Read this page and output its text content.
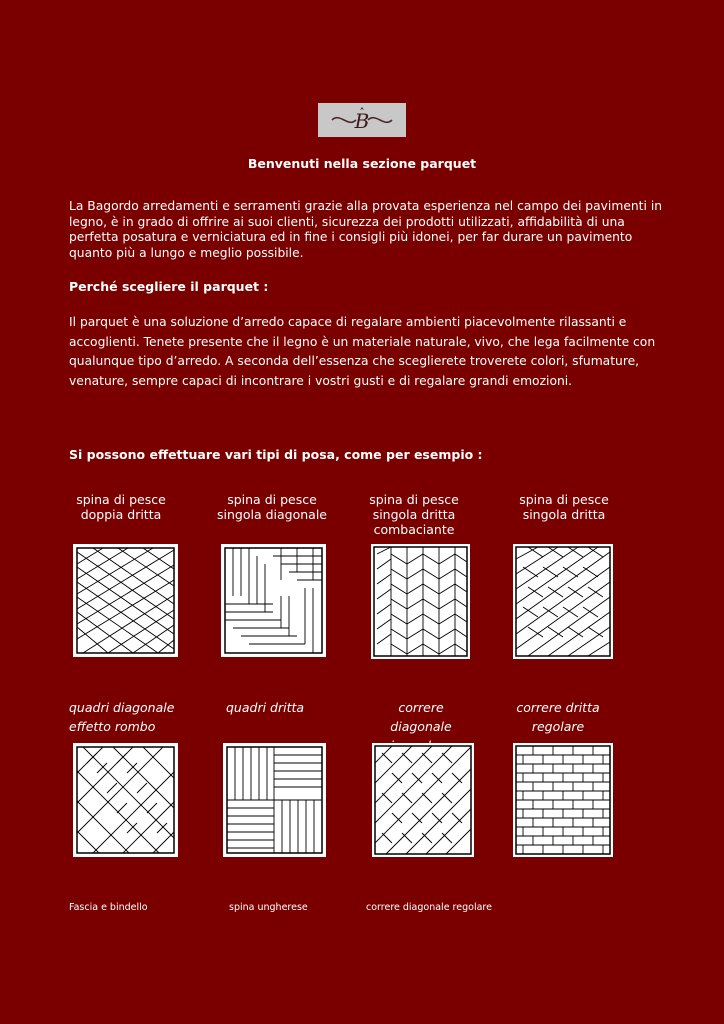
B
Benvenuti nella sezione parquet

La Bagordo arredamenti e serramenti grazie alla provata esperienza nel campo dei pavimenti in legno, è in grado di offrire ai suoi clienti, sicurezza dei prodotti utilizzati, affidabilità di una perfetta posatura e verniciatura ed in fine i consigli più idonei, per far durare un pavimento quanto più a lungo e meglio possibile.

Perché scegliere il parquet :

Il parquet è una soluzione d’arredo capace di regalare ambienti piacevolmente rilassanti e accoglienti. Tenete presente che il legno è un materiale naturale, vivo, che lega facilmente con qualunque tipo d’arredo. A seconda dell’essenza che sceglierete troverete colori, sfumature, venature, sempre capaci di incontrare i vostri gusti e di regalare grandi emozioni.

Si possono effettuare vari tipi di posa, come per esempio :
spina di pesce
doppia dritta
spina di pesce
singola diagonale
spina di pesce
singola dritta
combaciante
spina di pesce
singola dritta
quadri diagonale
effetto rombo
quadri dritta	correre diagonale
correre dritta
regolare
Fascia e bindello	spina ungherese	correre diagonale regolare
